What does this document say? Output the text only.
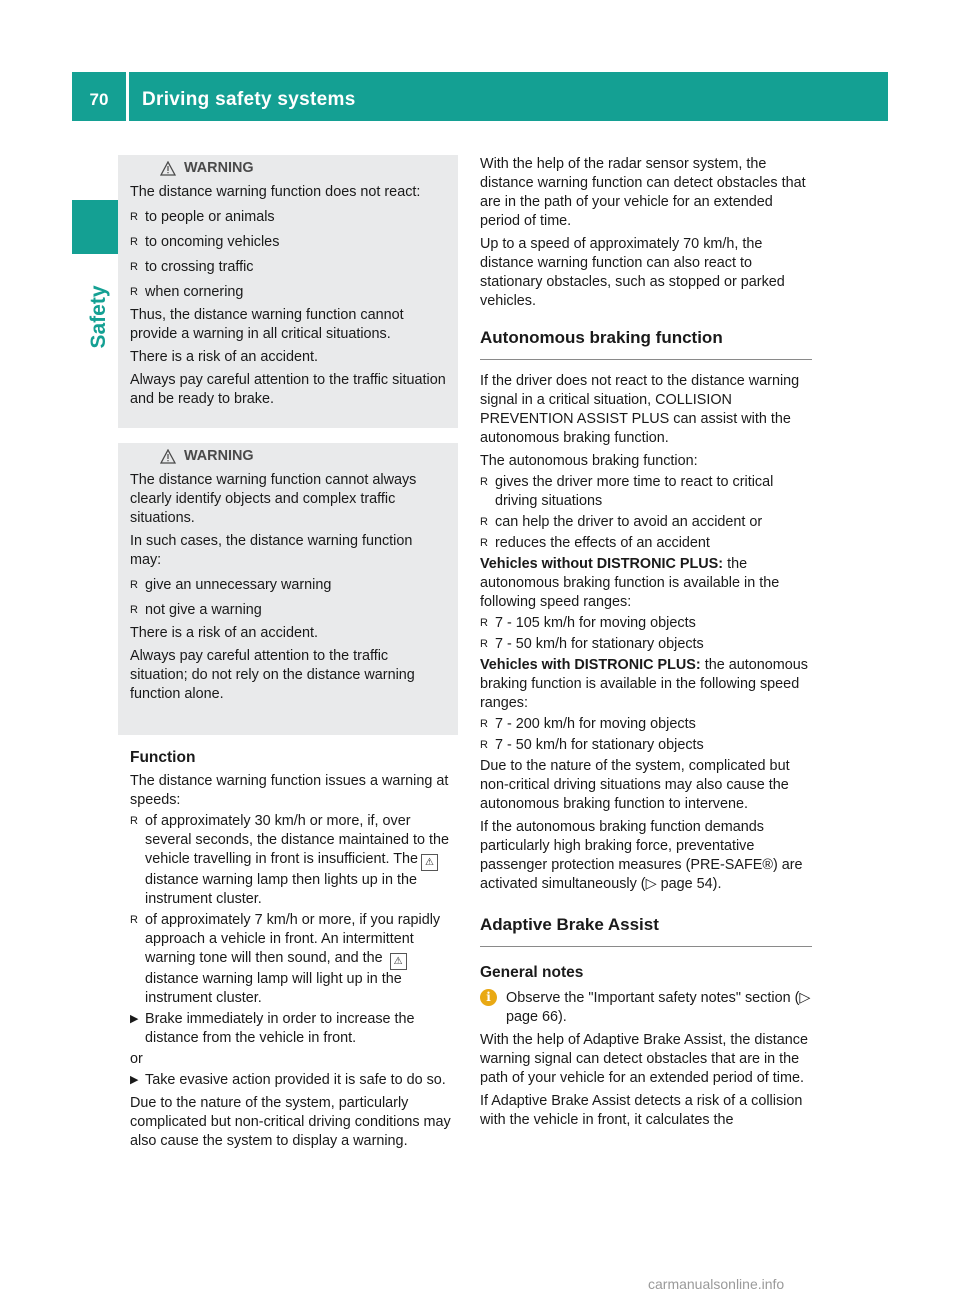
70	Driving safety systems
Safety
WARNING

The distance warning function does not react:

R to people or animals
R to oncoming vehicles
R to crossing traffic
R when cornering

Thus, the distance warning function cannot provide a warning in all critical situations.

There is a risk of an accident.

Always pay careful attention to the traffic situation and be ready to brake.

WARNING

The distance warning function cannot always clearly identify objects and complex traffic situations.

In such cases, the distance warning function may:

R give an unnecessary warning
R not give a warning

There is a risk of an accident.

Always pay careful attention to the traffic situation; do not rely on the distance warning function alone.

Function

The distance warning function issues a warning at speeds:

R of approximately 30 km/h or more, if, over several seconds, the distance maintained to the vehicle travelling in front is insufficient. The ⚠distance warning lamp then lights up in the instrument cluster.
R of approximately 7 km/h or more, if you rapidly approach a vehicle in front. An intermittent warning tone will then sound, and the ⚠distance warning lamp will light up in the instrument cluster.
▶ Brake immediately in order to increase the distance from the vehicle in front.

or

▶ Take evasive action provided it is safe to do so.

Due to the nature of the system, particularly complicated but non-critical driving conditions may also cause the system to display a warning.

With the help of the radar sensor system, the distance warning function can detect obstacles that are in the path of your vehicle for an extended period of time.

Up to a speed of approximately 70 km/h, the distance warning function can also react to stationary obstacles, such as stopped or parked vehicles.

Autonomous braking function

If the driver does not react to the distance warning signal in a critical situation, COLLISION PREVENTION ASSIST PLUS can assist with the autonomous braking function.

The autonomous braking function:

R gives the driver more time to react to critical driving situations
R can help the driver to avoid an accident or
R reduces the effects of an accident

Vehicles without DISTRONIC PLUS: the autonomous braking function is available in the following speed ranges:

R 7 - 105 km/h for moving objects
R 7 - 50 km/h for stationary objects

Vehicles with DISTRONIC PLUS: the autonomous braking function is available in the following speed ranges:

R 7 - 200 km/h for moving objects
R 7 - 50 km/h for stationary objects

Due to the nature of the system, complicated but non-critical driving situations may also cause the autonomous braking function to intervene.

If the autonomous braking function demands particularly high braking force, preventative passenger protection measures (PRE-SAFE®) are activated simultaneously (▷ page 54).

Adaptive Brake Assist
General notes
i	Observe the "Important safety notes" section (▷ page 66).

With the help of Adaptive Brake Assist, the distance warning signal can detect obstacles that are in the path of your vehicle for an extended period of time.

If Adaptive Brake Assist detects a risk of a collision with the vehicle in front, it calculates the

carmanualsonline.info
